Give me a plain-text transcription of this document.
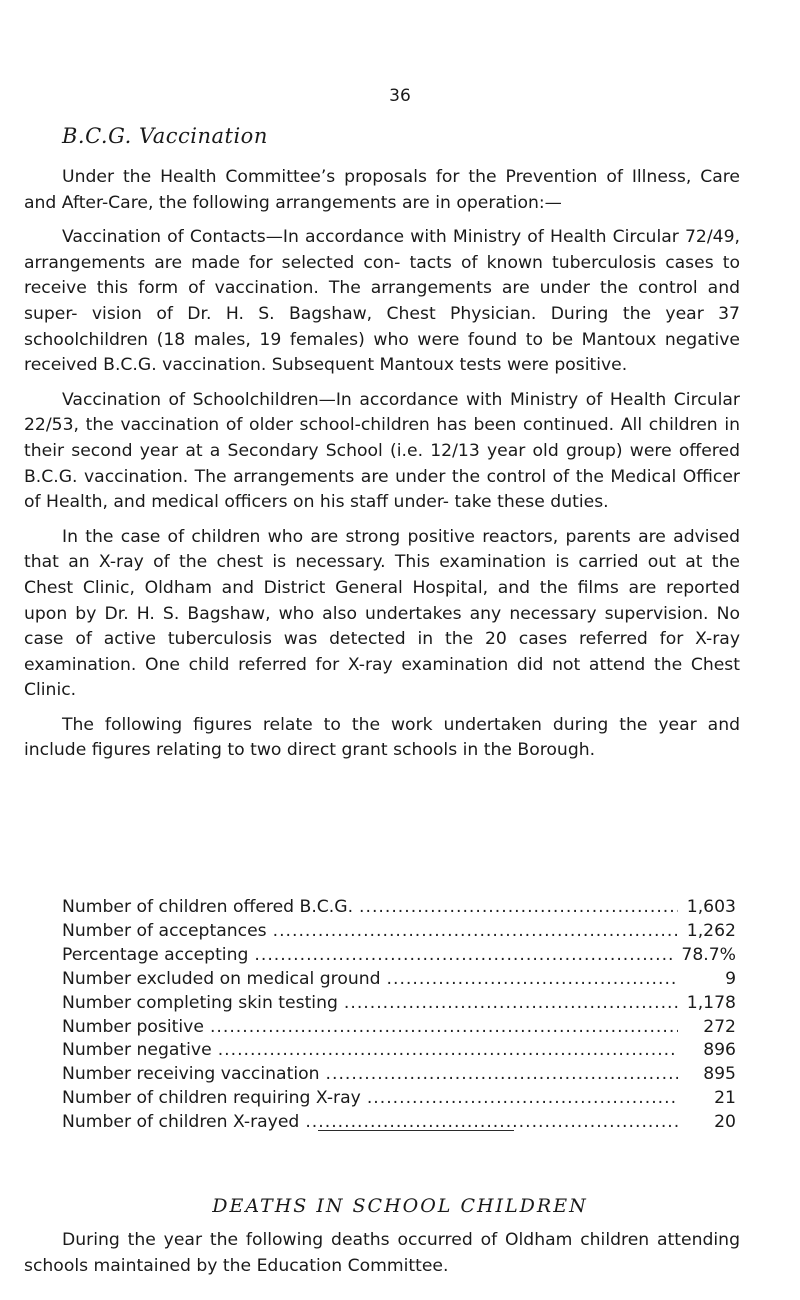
36
B.C.G. Vaccination

Under the Health Committee’s proposals for the Prevention of Illness, Care and After-Care, the following arrangements are in operation:—

Vaccination of Contacts—In accordance with Ministry of Health Circular 72/49, arrangements are made for selected con- tacts of known tuberculosis cases to receive this form of vaccination. The arrangements are under the control and super- vision of Dr. H. S. Bagshaw, Chest Physician. During the year 37 schoolchildren (18 males, 19 females) who were found to be Mantoux negative received B.C.G. vaccination. Subsequent Mantoux tests were positive.

Vaccination of Schoolchildren—In accordance with Ministry of Health Circular 22/53, the vaccination of older school-children has been continued. All children in their second year at a Secondary School (i.e. 12/13 year old group) were offered B.C.G. vaccination. The arrangements are under the control of the Medical Officer of Health, and medical officers on his staff under- take these duties.

In the case of children who are strong positive reactors, parents are advised that an X-ray of the chest is necessary. This examination is carried out at the Chest Clinic, Oldham and District General Hospital, and the films are reported upon by Dr. H. S. Bagshaw, who also undertakes any necessary supervision. No case of active tuberculosis was detected in the 20 cases referred for X-ray examination. One child referred for X-ray examination did not attend the Chest Clinic.

The following figures relate to the work undertaken during the year and include figures relating to two direct grant schools in the Borough.

Number of children offered B.C.G. .....	1,603
Number of acceptances .....	1,262
Percentage accepting .....	78.7%
Number excluded on medical ground .....	9
Number completing skin testing .....	1,178
Number positive .....	272
Number negative .....	896
Number receiving vaccination .....	895
Number of children requiring X-ray .....	21
Number of children X-rayed .....	20
DEATHS IN SCHOOL CHILDREN

During the year the following deaths occurred of Oldham children attending schools maintained by the Education Committee.
